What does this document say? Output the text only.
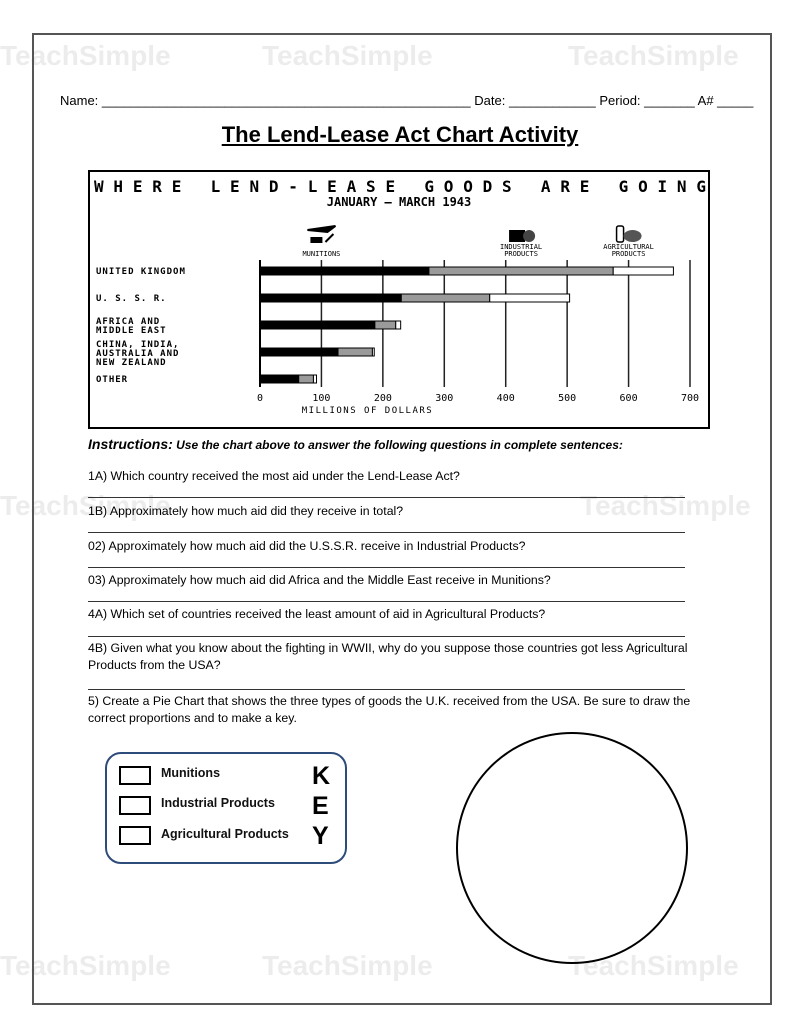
TeachSimple	TeachSimple	TeachSimple
TeachSimple	TeachSimple
TeachSimple	TeachSimple	TeachSimple
Name: ___________________________________________________ Date: ____________ Period: _______ A# _____
The Lend-Lease Act Chart Activity
WHERE LEND-LEASE GOODS ARE GOING
JANUARY — MARCH 1943
0	100	200	300	400	500	600	700
MILLIONS OF DOLLARS
UNITED KINGDOM
U. S. S. R.
AFRICA AND
MIDDLE EAST
CHINA, INDIA,
AUSTRALIA AND
NEW ZEALAND
OTHER
MUNITIONS
INDUSTRIAL
PRODUCTS
AGRICULTURAL
PRODUCTS
Instructions: Use the chart above to answer the following questions in complete sentences:
1A) Which country received the most aid under the Lend-Lease Act?
1B) Approximately how much aid did they receive in total?
02) Approximately how much aid did the U.S.S.R. receive in Industrial Products?
03) Approximately how much aid did Africa and the Middle East receive in Munitions?
4A) Which set of countries received the least amount of aid in Agricultural Products?
4B) Given what you know about the fighting in WWII, why do you suppose those countries got less Agricultural Products from the USA?
5) Create a Pie Chart that shows the three types of goods the U.K. received from the USA. Be sure to draw the correct proportions and to make a key.
Munitions
Industrial Products
Agricultural Products
K
E
Y
